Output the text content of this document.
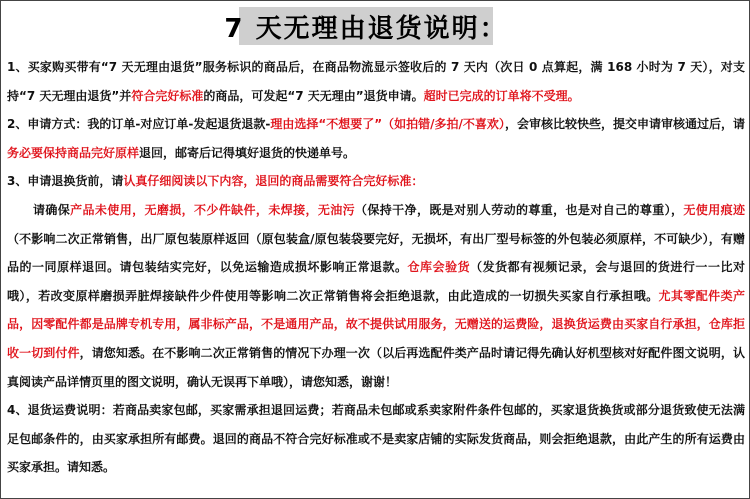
7 天无理由退货说明：

1、买家购买带有“7 天无理由退货”服务标识的商品后，在商品物流显示签收后的 7 天内（次日 0 点算起，满 168 小时为 7 天），对支持“7 天无理由退货”并符合完好标准的商品，可发起“7 天无理由”退货申请。超时已完成的订单将不受理。

2、申请方式：我的订单-对应订单-发起退货退款-理由选择“不想要了”（如拍错/多拍/不喜欢），会审核比较快些，提交申请审核通过后，请务必要保持商品完好原样退回，邮寄后记得填好退货的快递单号。

3、申请退换货前，请认真仔细阅读以下内容，退回的商品需要符合完好标准：

请确保产品未使用，无磨损，不少件缺件，未焊接，无油污（保持干净，既是对别人劳动的尊重，也是对自己的尊重），无使用痕迹（不影响二次正常销售，出厂原包装原样返回（原包装盒/原包装袋要完好，无损坏，有出厂型号标签的外包装必须原样，不可缺少），有赠品的一同原样退回。请包装结实完好，以免运输造成损坏影响正常退款。仓库会验货（发货都有视频记录，会与退回的货进行一一比对哦），若改变原样磨损弄脏焊接缺件少件使用等影响二次正常销售将会拒绝退款，由此造成的一切损失买家自行承担哦。尤其零配件类产品，因零配件都是品牌专机专用，属非标产品，不是通用产品，故不提供试用服务，无赠送的运费险，退换货运费由买家自行承担，仓库拒收一切到付件，请您知悉。在不影响二次正常销售的情况下办理一次（以后再选配件类产品时请记得先确认好机型核对好配件图文说明，认真阅读产品详情页里的图文说明，确认无误再下单哦），请您知悉，谢谢！

4、退货运费说明：若商品卖家包邮，买家需承担退回运费；若商品未包邮或系卖家附件条件包邮的，买家退货换货或部分退货致使无法满足包邮条件的，由买家承担所有邮费。退回的商品不符合完好标准或不是卖家店铺的实际发货商品，则会拒绝退款，由此产生的所有运费由买家承担。请知悉。
